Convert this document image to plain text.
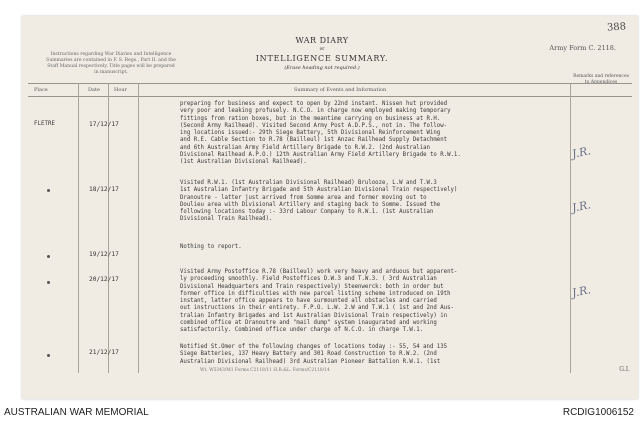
388
Army Form C. 2118.
Instructions regarding War Diaries and Intelligence Summaries are contained in F. S. Regs., Part II. and the Staff Manual respectively. Title pages will be prepared in manuscript.
WAR DIARY
or
INTELLIGENCE SUMMARY.
(Erase heading not required.)
Remarks and references
Place	Date	Hour	Summary of Events and Information
FLETRE	17/12/17
preparing for business and expect to open by 22nd instant. Nissen hut provided
very poor and leaking profusely. N.C.O. in charge now employed making temporary
fittings from ration boxes, but in the meantime carrying on business at R.H.
(Second Army Railhead). Visited Second Army Post A.D.P.S., not in. The follow-
ing locations issued:- 29th Siege Battery, 5th Divisional Reinforcement Wing
and R.E. Cable Section to R.78 (Bailleul) 1st Anzac Railhead Supply Detachment
and 6th Australian Army Field Artillery Brigade to R.W.2. (2nd Australian
Divisional Railhead A.P.O.) 12th Australian Army Field Artillery Brigade to R.W.1.
(1st Australian Divisional Railhead).
J.R.
18/12/17
Visited R.W.1. (1st Australian Divisional Railhead) Brulooze, L.W and T.W.3
1st Australian Infantry Brigade and 5th Australian Divisional Train respectively)
Dranoutre - latter just arrived from Somme area and former moving out to
Doulieu area with Divisional Artillery and staging back to Somme. Issued the
following locations today :- 33rd Labour Company to R.W.1. (1st Australian
Divisional Train Railhead).
J.R.
19/12/17
Nothing to report.
20/12/17
Visited Army Postoffice R.78 (Bailleul) work very heavy and arduous but apparent-
ly proceeding smoothly. Field Postoffices D.W.3 and T.W.3. ( 3rd Australian
Divisional Headquarters and Train respectively) Steenwerck: both in order but
former office in difficulties with new parcel listing scheme introduced on 19th
instant, latter office appears to have surmounted all obstacles and carried
out instructions in their entirety. F.P.O. L.W. 2.W and T.W.1 ( 1st and 2nd Aus-
tralian Infantry Brigades and 1st Australian Divisional Train respectively) in
combined office at Dranoutre and "mail dump" system inaugurated and working
satisfactorily. Combined office under charge of N.C.O. in charge T.W.1.
J.R.
21/12/17
Notified St.Omer of the following changes of locations today :- 55, 54 and 135
Siege Batteries, 137 Heavy Battery and 301 Road Construction to R.W.2. (2nd
Australian Divisional Railhead) 3rd Australian Pioneer Battalion R.W.1. (1st
Wt. W5343/M1 Forms C2118/11 H.B.&L. Forms/C2118/14	G.I.
AUSTRALIAN WAR MEMORIAL	RCDIG1006152
